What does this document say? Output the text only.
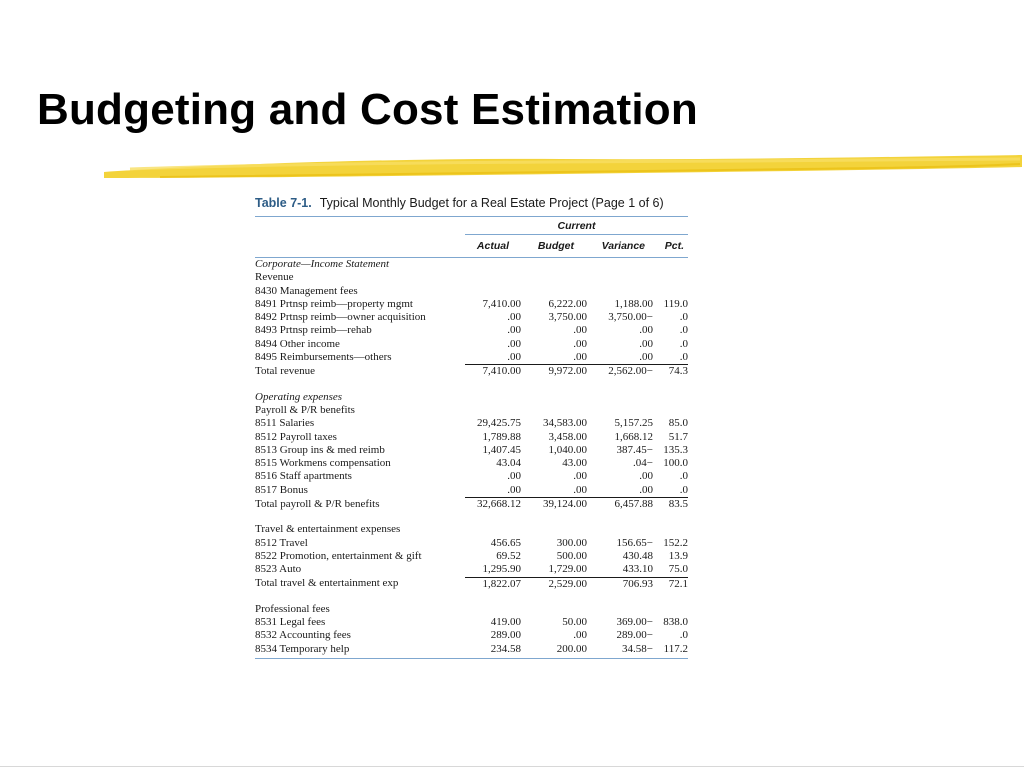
Budgeting and Cost Estimation
Table 7-1. Typical Monthly Budget for a Real Estate Project (Page 1 of 6)
Current
Actual	Budget	Variance	Pct.
Corporate—Income Statement				
Revenue				
8430 Management fees				
8491 Prtnsp reimb—property mgmt	7,410.00	6,222.00	1,188.00	119.0
8492 Prtnsp reimb—owner acquisition	.00	3,750.00	3,750.00−	.0
8493 Prtnsp reimb—rehab	.00	.00	.00	.0
8494 Other income	.00	.00	.00	.0
8495 Reimbursements—others	.00	.00	.00	.0
Total revenue	7,410.00	9,972.00	2,562.00−	74.3

Operating expenses				
Payroll & P/R benefits				
8511 Salaries	29,425.75	34,583.00	5,157.25	85.0
8512 Payroll taxes	1,789.88	3,458.00	1,668.12	51.7
8513 Group ins & med reimb	1,407.45	1,040.00	387.45−	135.3
8515 Workmens compensation	43.04	43.00	.04−	100.0
8516 Staff apartments	.00	.00	.00	.0
8517 Bonus	.00	.00	.00	.0
Total payroll & P/R benefits	32,668.12	39,124.00	6,457.88	83.5

Travel & entertainment expenses				
8512 Travel	456.65	300.00	156.65−	152.2
8522 Promotion, entertainment & gift	69.52	500.00	430.48	13.9
8523 Auto	1,295.90	1,729.00	433.10	75.0
Total travel & entertainment exp	1,822.07	2,529.00	706.93	72.1

Professional fees				
8531 Legal fees	419.00	50.00	369.00−	838.0
8532 Accounting fees	289.00	.00	289.00−	.0
8534 Temporary help	234.58	200.00	34.58−	117.2
